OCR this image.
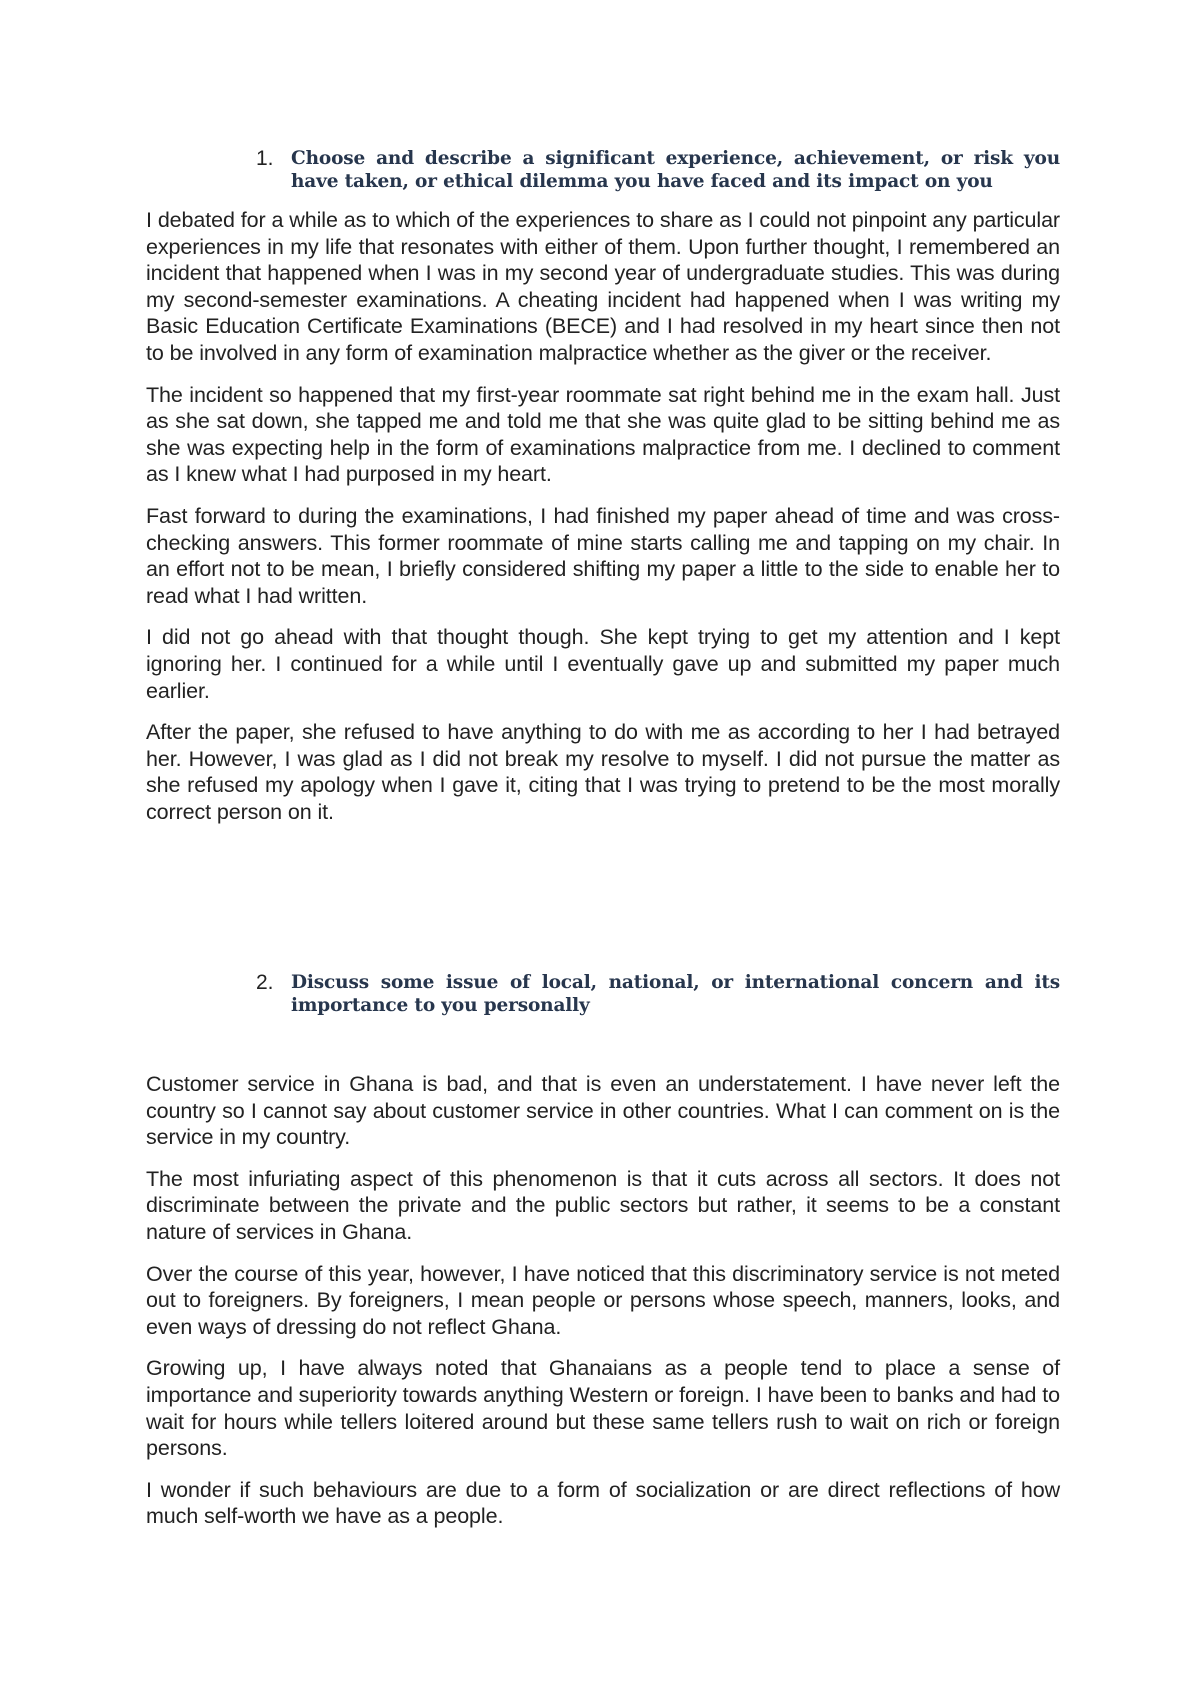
1. Choose and describe a significant experience, achievement, or risk you have taken, or ethical dilemma you have faced and its impact on you

I debated for a while as to which of the experiences to share as I could not pinpoint any particular experiences in my life that resonates with either of them. Upon further thought, I remembered an incident that happened when I was in my second year of undergraduate studies. This was during my second-semester examinations. A cheating incident had happened when I was writing my Basic Education Certificate Examinations (BECE) and I had resolved in my heart since then not to be involved in any form of examination malpractice whether as the giver or the receiver.

The incident so happened that my first-year roommate sat right behind me in the exam hall. Just as she sat down, she tapped me and told me that she was quite glad to be sitting behind me as she was expecting help in the form of examinations malpractice from me. I declined to comment as I knew what I had purposed in my heart.

Fast forward to during the examinations, I had finished my paper ahead of time and was cross-checking answers. This former roommate of mine starts calling me and tapping on my chair. In an effort not to be mean, I briefly considered shifting my paper a little to the side to enable her to read what I had written.

I did not go ahead with that thought though. She kept trying to get my attention and I kept ignoring her. I continued for a while until I eventually gave up and submitted my paper much earlier.

After the paper, she refused to have anything to do with me as according to her I had betrayed her. However, I was glad as I did not break my resolve to myself. I did not pursue the matter as she refused my apology when I gave it, citing that I was trying to pretend to be the most morally correct person on it.

2. Discuss some issue of local, national, or international concern and its importance to you personally

Customer service in Ghana is bad, and that is even an understatement. I have never left the country so I cannot say about customer service in other countries. What I can comment on is the service in my country.

The most infuriating aspect of this phenomenon is that it cuts across all sectors. It does not discriminate between the private and the public sectors but rather, it seems to be a constant nature of services in Ghana.

Over the course of this year, however, I have noticed that this discriminatory service is not meted out to foreigners. By foreigners, I mean people or persons whose speech, manners, looks, and even ways of dressing do not reflect Ghana.

Growing up, I have always noted that Ghanaians as a people tend to place a sense of importance and superiority towards anything Western or foreign. I have been to banks and had to wait for hours while tellers loitered around but these same tellers rush to wait on rich or foreign persons.

I wonder if such behaviours are due to a form of socialization or are direct reflections of how much self-worth we have as a people.
